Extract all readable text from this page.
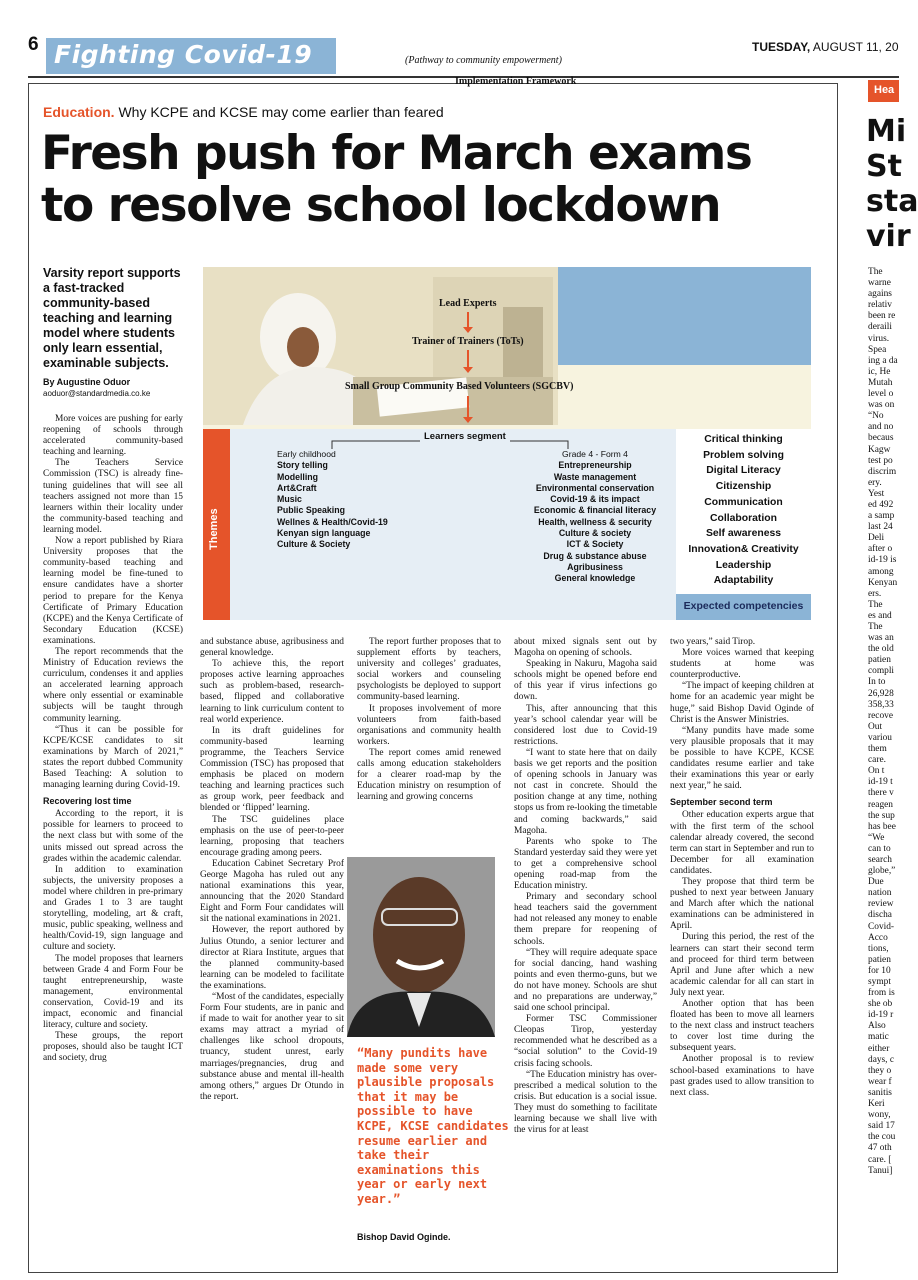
6 Fighting Covid-19	TUESDAY, AUGUST 11, 20
Education. Why KCPE and KCSE may come earlier than feared
Fresh push for March exams
to resolve school lockdown
Varsity report supports a fast-tracked community-based teaching and learning model where students only learn essential, examinable subjects.
By Augustine Oduor
aoduor@standardmedia.co.ke
CBL
(Pathway to community empowerment)
Implementation Framework
Lead Experts
Trainer of Trainers (ToTs)
Small Group Community Based Volunteers (SGCBV)
Themes
Learners segment
Early childhood
Story telling
Modelling
Art&Craft
Music
Public Speaking
Wellnes & Health/Covid-19
Kenyan sign language
Culture & Society
Grade 4 - Form 4
Entrepreneurship
Waste management
Environmental conservation
Covid-19 & its impact
Economic & financial literacy
Health, wellness & security
Culture & society
ICT & Society
Drug & substance abuse
Agribusiness
General knowledge
Critical thinking
Problem solving
Digital Literacy
Citizenship
Communication
Collaboration
Self awareness
Innovation& Creativity
Leadership
Adaptability
Expected competencies

More voices are pushing for early reopening of schools through accelerated community-based teaching and learning.

The Teachers Service Commission (TSC) is already fine-tuning guidelines that will see all teachers assigned not more than 15 learners within their locality under the community-based teaching and learning model.

Now a report published by Riara University proposes that the community-based teaching and learning model be fine-tuned to ensure candidates have a shorter period to prepare for the Kenya Certificate of Primary Education (KCPE) and the Kenya Certificate of Secondary Education (KCSE) examinations.

The report recommends that the Ministry of Education reviews the curriculum, condenses it and applies an accelerated learning approach where only essential or examinable subjects will be taught through community learning.

“Thus it can be possible for KCPE/KCSE candidates to sit examinations by March of 2021,” states the report dubbed Community Based Teaching: A solution to managing learning during Covid-19.

Recovering lost time

According to the report, it is possible for learners to proceed to the next class but with some of the units missed out spread across the grades within the academic calendar.

In addition to examination subjects, the university proposes a model where children in pre-primary and Grades 1 to 3 are taught storytelling, modeling, art & craft, music, public speaking, wellness and health/Covid-19, sign language and culture and society.

The model proposes that learners between Grade 4 and Form Four be taught entrepreneurship, waste management, environmental conservation, Covid-19 and its impact, economic and financial literacy, culture and society.

These groups, the report proposes, should also be taught ICT and society, drug

and substance abuse, agribusiness and general knowledge.

To achieve this, the report proposes active learning approaches such as problem-based, research-based, flipped and collaborative learning to link curriculum content to real world experience.

In its draft guidelines for community-based learning programme, the Teachers Service Commission (TSC) has proposed that emphasis be placed on modern teaching and learning practices such as group work, peer feedback and blended or ‘flipped’ learning.

The TSC guidelines place emphasis on the use of peer-to-peer learning, proposing that teachers encourage grading among peers.

Education Cabinet Secretary Prof George Magoha has ruled out any national examinations this year, announcing that the 2020 Standard Eight and Form Four candidates will sit the national examinations in 2021.

However, the report authored by Julius Otundo, a senior lecturer and director at Riara Institute, argues that the planned community-based learning can be modeled to facilitate the examinations.

“Most of the candidates, especially Form Four students, are in panic and if made to wait for another year to sit exams may attract a myriad of challenges like school dropouts, truancy, student unrest, early marriages/pregnancies, drug and substance abuse and mental ill-health among others,” argues Dr Otundo in the report.

The report further proposes that to supplement efforts by teachers, university and colleges’ graduates, social workers and counseling psychologists be deployed to support community-based learning.

It proposes involvement of more volunteers from faith-based organisations and community health workers.

The report comes amid renewed calls among education stakeholders for a clearer road-map by the Education ministry on resumption of learning and growing concerns

“Many pundits have made some very plausible proposals that it may be possible to have KCPE, KCSE candidates resume earlier and take their examinations this year or early next year.”
Bishop David Oginde.

about mixed signals sent out by Magoha on opening of schools.

Speaking in Nakuru, Magoha said schools might be opened before end of this year if virus infections go down.

This, after announcing that this year’s school calendar year will be considered lost due to Covid-19 restrictions.

“I want to state here that on daily basis we get reports and the position of opening schools in January was not cast in concrete. Should the position change at any time, nothing stops us from re-looking the timetable and coming backwards,” said Magoha.

Parents who spoke to The Standard yesterday said they were yet to get a comprehensive school opening road-map from the Education ministry.

Primary and secondary school head teachers said the government had not released any money to enable them prepare for reopening of schools.

“They will require adequate space for social dancing, hand washing points and even thermo-guns, but we do not have money. Schools are shut and no preparations are underway,” said one school principal.

Former TSC Commissioner Cleopas Tirop, yesterday recommended what he described as a “social solution” to the Covid-19 crisis facing schools.

“The Education ministry has over-prescribed a medical solution to the crisis. But education is a social issue. They must do something to facilitate learning because we shall live with the virus for at least

two years,” said Tirop.

More voices warned that keeping students at home was counterproductive.

“The impact of keeping children at home for an academic year might be huge,” said Bishop David Oginde of Christ is the Answer Ministries.

“Many pundits have made some very plausible proposals that it may be possible to have KCPE, KCSE candidates resume earlier and take their examinations this year or early next year,” he said.

September second term

Other education experts argue that with the first term of the school calendar already covered, the second term can start in September and run to December for all examination candidates.

They propose that third term be pushed to next year between January and March after which the national examinations can be administered in April.

During this period, the rest of the learners can start their second term and proceed for third term between April and June after which a new academic calendar for all can start in July next year.

Another option that has been floated has been to move all learners to the next class and instruct teachers to cover lost time during the subsequent years.

Another proposal is to review school-based examinations to have past grades used to allow transition to next class.

Hea
Mi
St
sta
vir

The

warne

agains

relativ

been re

deraili

virus.

Spea

ing a da

ic, He

Mutah

level o

was on

“No

and no

becaus

Kagw

test po

discrim

ery.

Yest

ed 492

a samp

last 24

Deli

after o

id-19 is

among

Kenyan

ers.

The

es and

The

was an

the old

patien

compli

In to

26,928

358,33

recove

Out

variou

them

care.

On t

id-19 t

there v

reagen

the sup

has bee

“We

can to

search

globe,”

Due

nation

review

discha

Covid-

Acco

tions,

patien

for 10

sympt

from is

she ob

id-19 r

Also

matic

either

days, c

they o

wear f

sanitis

Keri

wony,

said 17

the cou

47 oth

care. [

Tanui]
